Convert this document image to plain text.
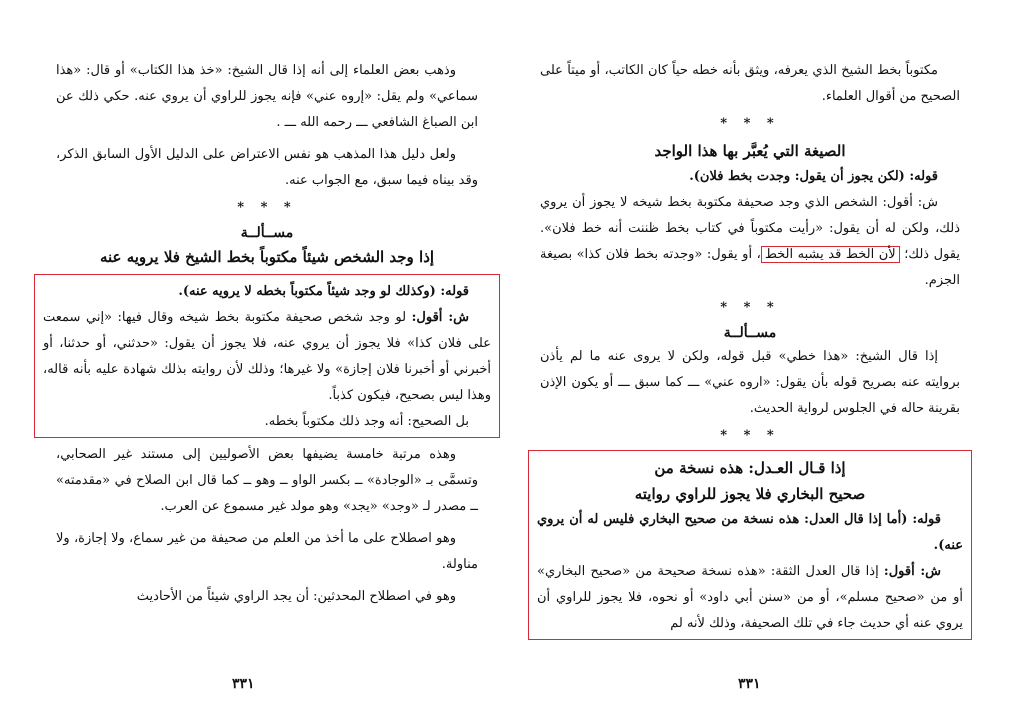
وذهب بعض العلماء إلى أنه إذا قال الشيخ: «خذ هذا الكتاب» أو قال: «هذا سماعي» ولم يقل: «إروه عني» فإنه يجوز للراوي أن يروي عنه. حكي ذلك عن ابن الصباغ الشافعي ـــ رحمه الله ـــ .

ولعل دليل هذا المذهب هو نفس الاعتراض على الدليل الأول السابق الذكر، وقد بيناه فيما سبق، مع الجواب عنه.

* * *
مســألــة
إذا وجد الشخص شيئاً مكتوباً بخط الشيخ فلا يرويه عنه

قوله: (وكذلك لو وجد شيئاً مكتوباً بخطه لا يرويه عنه).

ش: أقول: لو وجد شخص صحيفة مكتوبة بخط شيخه وقال فيها: «إني سمعت على فلان كذا» فلا يجوز أن يروي عنه، فلا يجوز أن يقول: «حدثني، أو حدثنا، أو أخبرني أو أخبرنا فلان إجازة» ولا غيرها؛ وذلك لأن روايته بذلك شهادة عليه بأنه قاله، وهذا ليس بصحيح، فيكون كذباً.

بل الصحيح: أنه وجد ذلك مكتوباً بخطه.

وهذه مرتبة خامسة يضيفها بعض الأصوليين إلى مستند غير الصحابي، وتسمَّى بـ «الوجادة» ــ بكسر الواو ــ وهو ــ كما قال ابن الصلاح في «مقدمته» ــ مصدر لـ «وجد» «يجد» وهو مولد غير مسموع عن العرب.

وهو اصطلاح على ما أخذ من العلم من صحيفة من غير سماع، ولا إجازة، ولا مناولة.

وهو في اصطلاح المحدثين: أن يجد الراوي شيئاً من الأحاديث

٣٣١

مكتوباً بخط الشيخ الذي يعرفه، ويثق بأنه خطه حياً كان الكاتب، أو ميتاً على الصحيح من أقوال العلماء.

* * *
الصيغة التي يُعبَّر بها هذا الواجد

قوله: (لكن يجوز أن يقول: وجدت بخط فلان).

ش: أقول: الشخص الذي وجد صحيفة مكتوبة بخط شيخه لا يجوز أن يروي ذلك، ولكن له أن يقول: «رأيت مكتوباً في كتاب بخط ظننت أنه خط فلان». يقول ذلك؛ لأن الخط قد يشبه الخط، أو يقول: «وجدته بخط فلان كذا» بصيغة الجزم.

* * *
مســألــة

إذا قال الشيخ: «هذا خطي» قبل قوله، ولكن لا يروى عنه ما لم يأذن بروايته عنه بصريح قوله بأن يقول: «اروه عني» ـــ كما سبق ـــ أو يكون الإذن بقرينة حاله في الجلوس لرواية الحديث.

* * *
إذا قـال العـدل: هذه نسخة من
صحيح البخاري فلا يجوز للراوي روايته

قوله: (أما إذا قال العدل: هذه نسخة من صحيح البخاري فليس له أن يروي عنه).

ش: أقول: إذا قال العدل الثقة: «هذه نسخة صحيحة من «صحيح البخاري» أو من «صحيح مسلم»، أو من «سنن أبي داود» أو نحوه، فلا يجوز للراوي أن يروي عنه أي حديث جاء في تلك الصحيفة، وذلك لأنه لم

٣٣١
